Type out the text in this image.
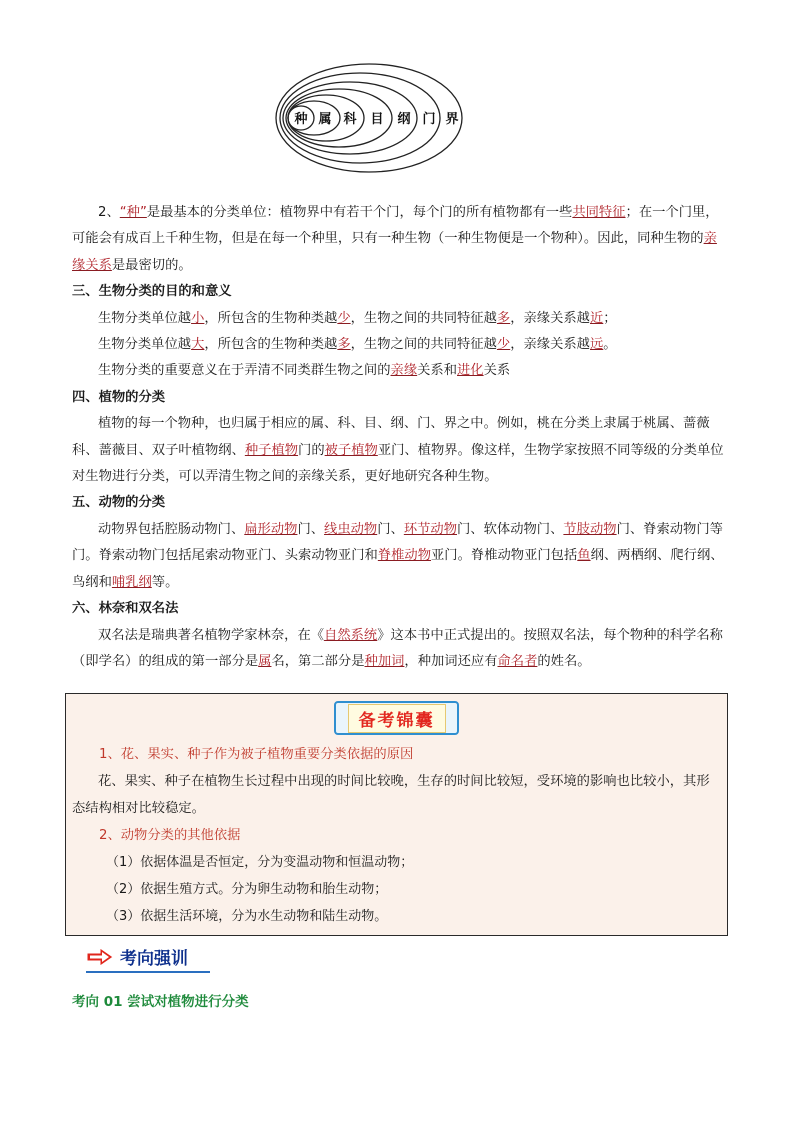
种 属 科 目 纲 门 界

2、“种”是最基本的分类单位：植物界中有若干个门，每个门的所有植物都有一些共同特征；在一个门里，可能会有成百上千种生物，但是在每一个种里，只有一种生物（一种生物便是一个物种）。因此，同种生物的亲缘关系是最密切的。

三、生物分类的目的和意义

生物分类单位越小，所包含的生物种类越少，生物之间的共同特征越多，亲缘关系越近；

生物分类单位越大，所包含的生物种类越多，生物之间的共同特征越少，亲缘关系越远。

生物分类的重要意义在于弄清不同类群生物之间的亲缘关系和进化关系

四、植物的分类

植物的每一个物种，也归属于相应的属、科、目、纲、门、界之中。例如，桃在分类上隶属于桃属、蔷薇科、蔷薇目、双子叶植物纲、种子植物门的被子植物亚门、植物界。像这样，生物学家按照不同等级的分类单位对生物进行分类，可以弄清生物之间的亲缘关系，更好地研究各种生物。

五、动物的分类

动物界包括腔肠动物门、扁形动物门、线虫动物门、环节动物门、软体动物门、节肢动物门、脊索动物门等门。脊索动物门包括尾索动物亚门、头索动物亚门和脊椎动物亚门。脊椎动物亚门包括鱼纲、两栖纲、爬行纲、鸟纲和哺乳纲等。

六、林奈和双名法

双名法是瑞典著名植物学家林奈，在《自然系统》这本书中正式提出的。按照双名法，每个物种的科学名称（即学名）的组成的第一部分是属名，第二部分是种加词，种加词还应有命名者的姓名。

备考锦囊

1、花、果实、种子作为被子植物重要分类依据的原因

花、果实、种子在植物生长过程中出现的时间比较晚，生存的时间比较短，受环境的影响也比较小，其形态结构相对比较稳定。

2、动物分类的其他依据

（1）依据体温是否恒定，分为变温动物和恒温动物；

（2）依据生殖方式。分为卵生动物和胎生动物；

（3）依据生活环境，分为水生动物和陆生动物。

考向强训
考向 01 尝试对植物进行分类
